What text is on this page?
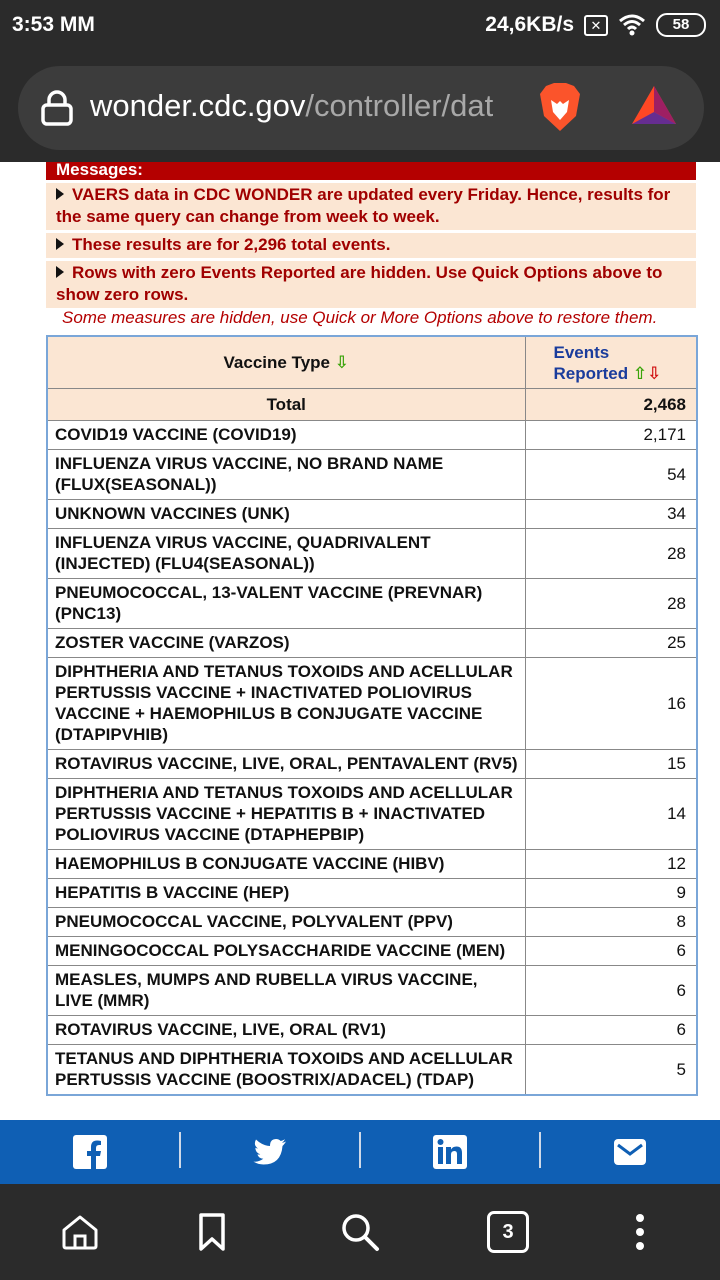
3:53 MM	24,6KB/s	✕	58
wonder.cdc.gov/controller/dat
Messages:
VAERS data in CDC WONDER are updated every Friday. Hence, results for the same query can change from week to week.
These results are for 2,296 total events.
Rows with zero Events Reported are hidden. Use Quick Options above to show zero rows.
Some measures are hidden, use Quick or More Options above to restore them.
Vaccine Type ⇩	Events
Reported ⇧⇩
Total	2,468
COVID19 VACCINE (COVID19)	2,171
INFLUENZA VIRUS VACCINE, NO BRAND NAME (FLUX(SEASONAL))	54
UNKNOWN VACCINES (UNK)	34
INFLUENZA VIRUS VACCINE, QUADRIVALENT (INJECTED) (FLU4(SEASONAL))	28
PNEUMOCOCCAL, 13-VALENT VACCINE (PREVNAR) (PNC13)	28
ZOSTER VACCINE (VARZOS)	25
DIPHTHERIA AND TETANUS TOXOIDS AND ACELLULAR PERTUSSIS VACCINE + INACTIVATED POLIOVIRUS VACCINE + HAEMOPHILUS B CONJUGATE VACCINE (DTAPIPVHIB)	16
ROTAVIRUS VACCINE, LIVE, ORAL, PENTAVALENT (RV5)	15
DIPHTHERIA AND TETANUS TOXOIDS AND ACELLULAR PERTUSSIS VACCINE + HEPATITIS B + INACTIVATED POLIOVIRUS VACCINE (DTAPHEPBIP)	14
HAEMOPHILUS B CONJUGATE VACCINE (HIBV)	12
HEPATITIS B VACCINE (HEP)	9
PNEUMOCOCCAL VACCINE, POLYVALENT (PPV)	8
MENINGOCOCCAL POLYSACCHARIDE VACCINE (MEN)	6
MEASLES, MUMPS AND RUBELLA VIRUS VACCINE, LIVE (MMR)	6
ROTAVIRUS VACCINE, LIVE, ORAL (RV1)	6
TETANUS AND DIPHTHERIA TOXOIDS AND ACELLULAR PERTUSSIS VACCINE (BOOSTRIX/ADACEL) (TDAP)	5
3
